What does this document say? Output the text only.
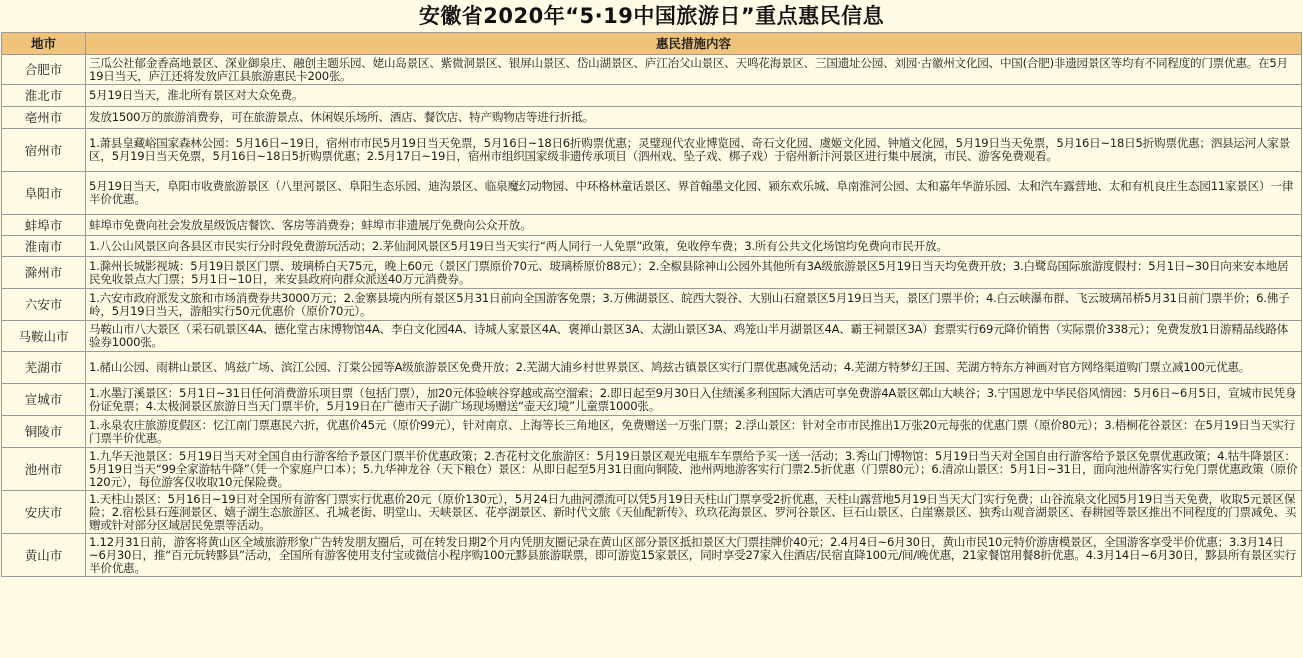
安徽省2020年“5·19中国旅游日”重点惠民信息
地市	惠民措施内容
合肥市	三瓜公社郁金香高地景区、深业御泉庄、融创主题乐园、姥山岛景区、紫微洞景区、银屏山景区、岱山湖景区、庐江冶父山景区、天鸣花海景区、三国遗址公园、刘园·古徽州文化园、中国(合肥)非遗园景区等均有不同程度的门票优惠。在5月19日当天，庐江还将发放庐江县旅游惠民卡200张。
淮北市	5月19日当天，淮北所有景区对大众免费。
亳州市	发放1500万的旅游消费券，可在旅游景点、休闲娱乐场所、酒店、餐饮店、特产购物店等进行折抵。
宿州市	1.萧县皇藏峪国家森林公园：5月16日~19日，宿州市市民5月19日当天免票，5月16日~18日6折购票优惠；灵璧现代农业博览园、奇石文化园、虞姬文化园、钟馗文化园，5月19日当天免票，5月16日~18日5折购票优惠；泗县运河人家景区，5月19日当天免票，5月16日~18日5折购票优惠；2.5月17日~19日，宿州市组织国家级非遗传承项目（泗州戏、坠子戏、梆子戏）于宿州新汴河景区进行集中展演，市民、游客免费观看。
阜阳市	5月19日当天，阜阳市收费旅游景区（八里河景区、阜阳生态乐园、迪沟景区、临泉魔幻动物园、中环格林童话景区、界首翰墨文化园、颍东欢乐城、阜南淮河公园、太和嘉年华游乐园、太和汽车露营地、太和有机良庄生态园11家景区）一律半价优惠。
蚌埠市	蚌埠市免费向社会发放星级饭店餐饮、客房等消费券；蚌埠市非遗展厅免费向公众开放。
淮南市	1.八公山风景区向各县区市民实行分时段免费游玩活动；2.茅仙洞风景区5月19日当天实行“两人同行一人免票”政策，免收停车费；3.所有公共文化场馆均免费向市民开放。
滁州市	1.滁州长城影视城：5月19日景区门票、玻璃桥白天75元，晚上60元（景区门票原价70元、玻璃桥原价88元）；2.全椒县除神山公园外其他所有3A级旅游景区5月19日当天均免费开放；3.白鹭岛国际旅游度假村：5月1日~30日向来安本地居民免收景点大门票；5月1日~10日，来安县政府向群众派送40万元消费券。
六安市	1.六安市政府派发文旅和市场消费券共3000万元；2.金寨县境内所有景区5月31日前向全国游客免票；3.万佛湖景区、皖西大裂谷、大别山石窟景区5月19日当天，景区门票半价；4.白云峡瀑布群、飞云玻璃吊桥5月31日前门票半价；6.佛子岭，5月19日当天，游船实行50元优惠价（原价70元）。
马鞍山市	马鞍山市八大景区（采石矶景区4A、德化堂古床博物馆4A、李白文化园4A、诗城人家景区4A、褒禅山景区3A、太湖山景区3A、鸡笼山半月湖景区4A、霸王祠景区3A）套票实行69元降价销售（实际票价338元）；免费发放1日游精品线路体验券1000张。
芜湖市	1.赭山公园、雨耕山景区、鸠兹广场、滨江公园、汀棠公园等A级旅游景区免费开放；2.芜湖大浦乡村世界景区、鸠兹古镇景区实行门票优惠减免活动；4.芜湖方特梦幻王国、芜湖方特东方神画对官方网络渠道购门票立减100元优惠。
宣城市	1.水墨汀溪景区：5月1日~31日任何消费游乐项目票（包括门票），加20元体验峡谷穿越或高空溜索；2.即日起至9月30日入住绩溪多利国际大酒店可享免费游4A景区鄣山大峡谷；3.宁国恩龙中华民俗风情园：5月6日~6月5日，宣城市民凭身份证免票；4.太极洞景区旅游日当天门票半价，5月19日在广德市天子湖广场现场赠送“壶天幻境”儿童票1000张。
铜陵市	1.永泉农庄旅游度假区：忆江南门票惠民六折，优惠价45元（原价99元），针对南京、上海等长三角地区，免费赠送一万张门票；2.浮山景区：针对全市市民推出1万张20元每张的优惠门票（原价80元）；3.梧桐花谷景区：在5月19日当天实行门票半价优惠。
池州市	1.九华天池景区：5月19日当天对全国自由行游客给予景区门票半价优惠政策；2.杏花村文化旅游区：5月19日景区观光电瓶车车票给予买一送一活动；3.秀山门博物馆：5月19日当天对全国自由行游客给予景区免票优惠政策；4.牯牛降景区：5月19日当天“99全家游牯牛降”（凭一个家庭户口本）；5.九华神龙谷（天下粮仓）景区：从即日起至5月31日面向铜陵、池州两地游客实行门票2.5折优惠（门票80元）；6.清凉山景区：5月1日~31日，面向池州游客实行免门票优惠政策（原价120元），每位游客仅收取10元保险费。
安庆市	1.天柱山景区：5月16日~19日对全国所有游客门票实行优惠价20元（原价130元），5月24日九曲河漂流可以凭5月19日天柱山门票享受2折优惠，天柱山露营地5月19日当天大门实行免费；山谷流泉文化园5月19日当天免费，收取5元景区保险；2.宿松县石莲洞景区、嬉子湖生态旅游区、孔城老街、明堂山、天峡景区、花亭湖景区、新时代文旅《天仙配新传》、玖玖花海景区、罗河谷景区、巨石山景区、白崖寨景区、独秀山观音湖景区、春耕园等景区推出不同程度的门票减免、买赠或针对部分区域居民免票等活动。
黄山市	1.12月31日前，游客将黄山区全域旅游形象广告转发朋友圈后，可在转发日期2个月内凭朋友圈记录在黄山区部分景区抵扣景区大门票挂牌价40元；2.4月4日~6月30日，黄山市民10元特价游唐模景区，全国游客享受半价优惠；3.3月14日~6月30日，推“百元玩转黟县”活动，全国所有游客使用支付宝或微信小程序购100元黟县旅游联票，即可游览15家景区，同时享受27家入住酒店/民宿直降100元/间/晚优惠，21家餐馆用餐8折优惠。4.3月14日~6月30日，黟县所有景区实行半价优惠。
